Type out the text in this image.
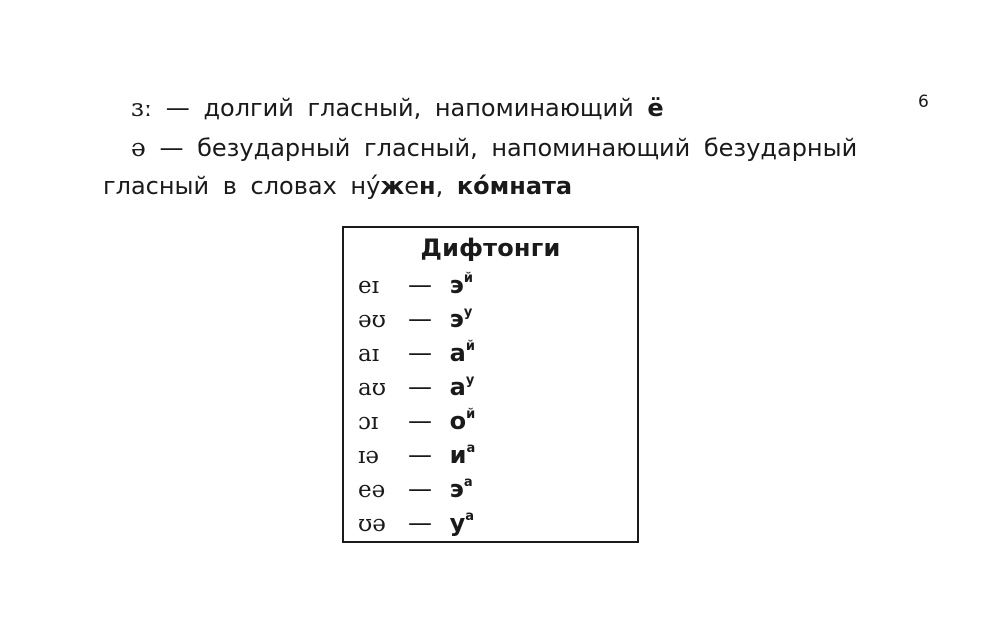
6
ɜː — долгий гласный, напоминающий ё
ə — безударный гласный, напоминающий безударный
гласный в словах ну́жен, ко́мната
Дифтонги
eɪ — $э^й$
əʊ — $э^у$
aɪ — $а^й$
aʊ — $а^у$
ɔɪ — $о^й$
ɪə — $и^а$
eə — $э^а$
ʊə — $у^а$
